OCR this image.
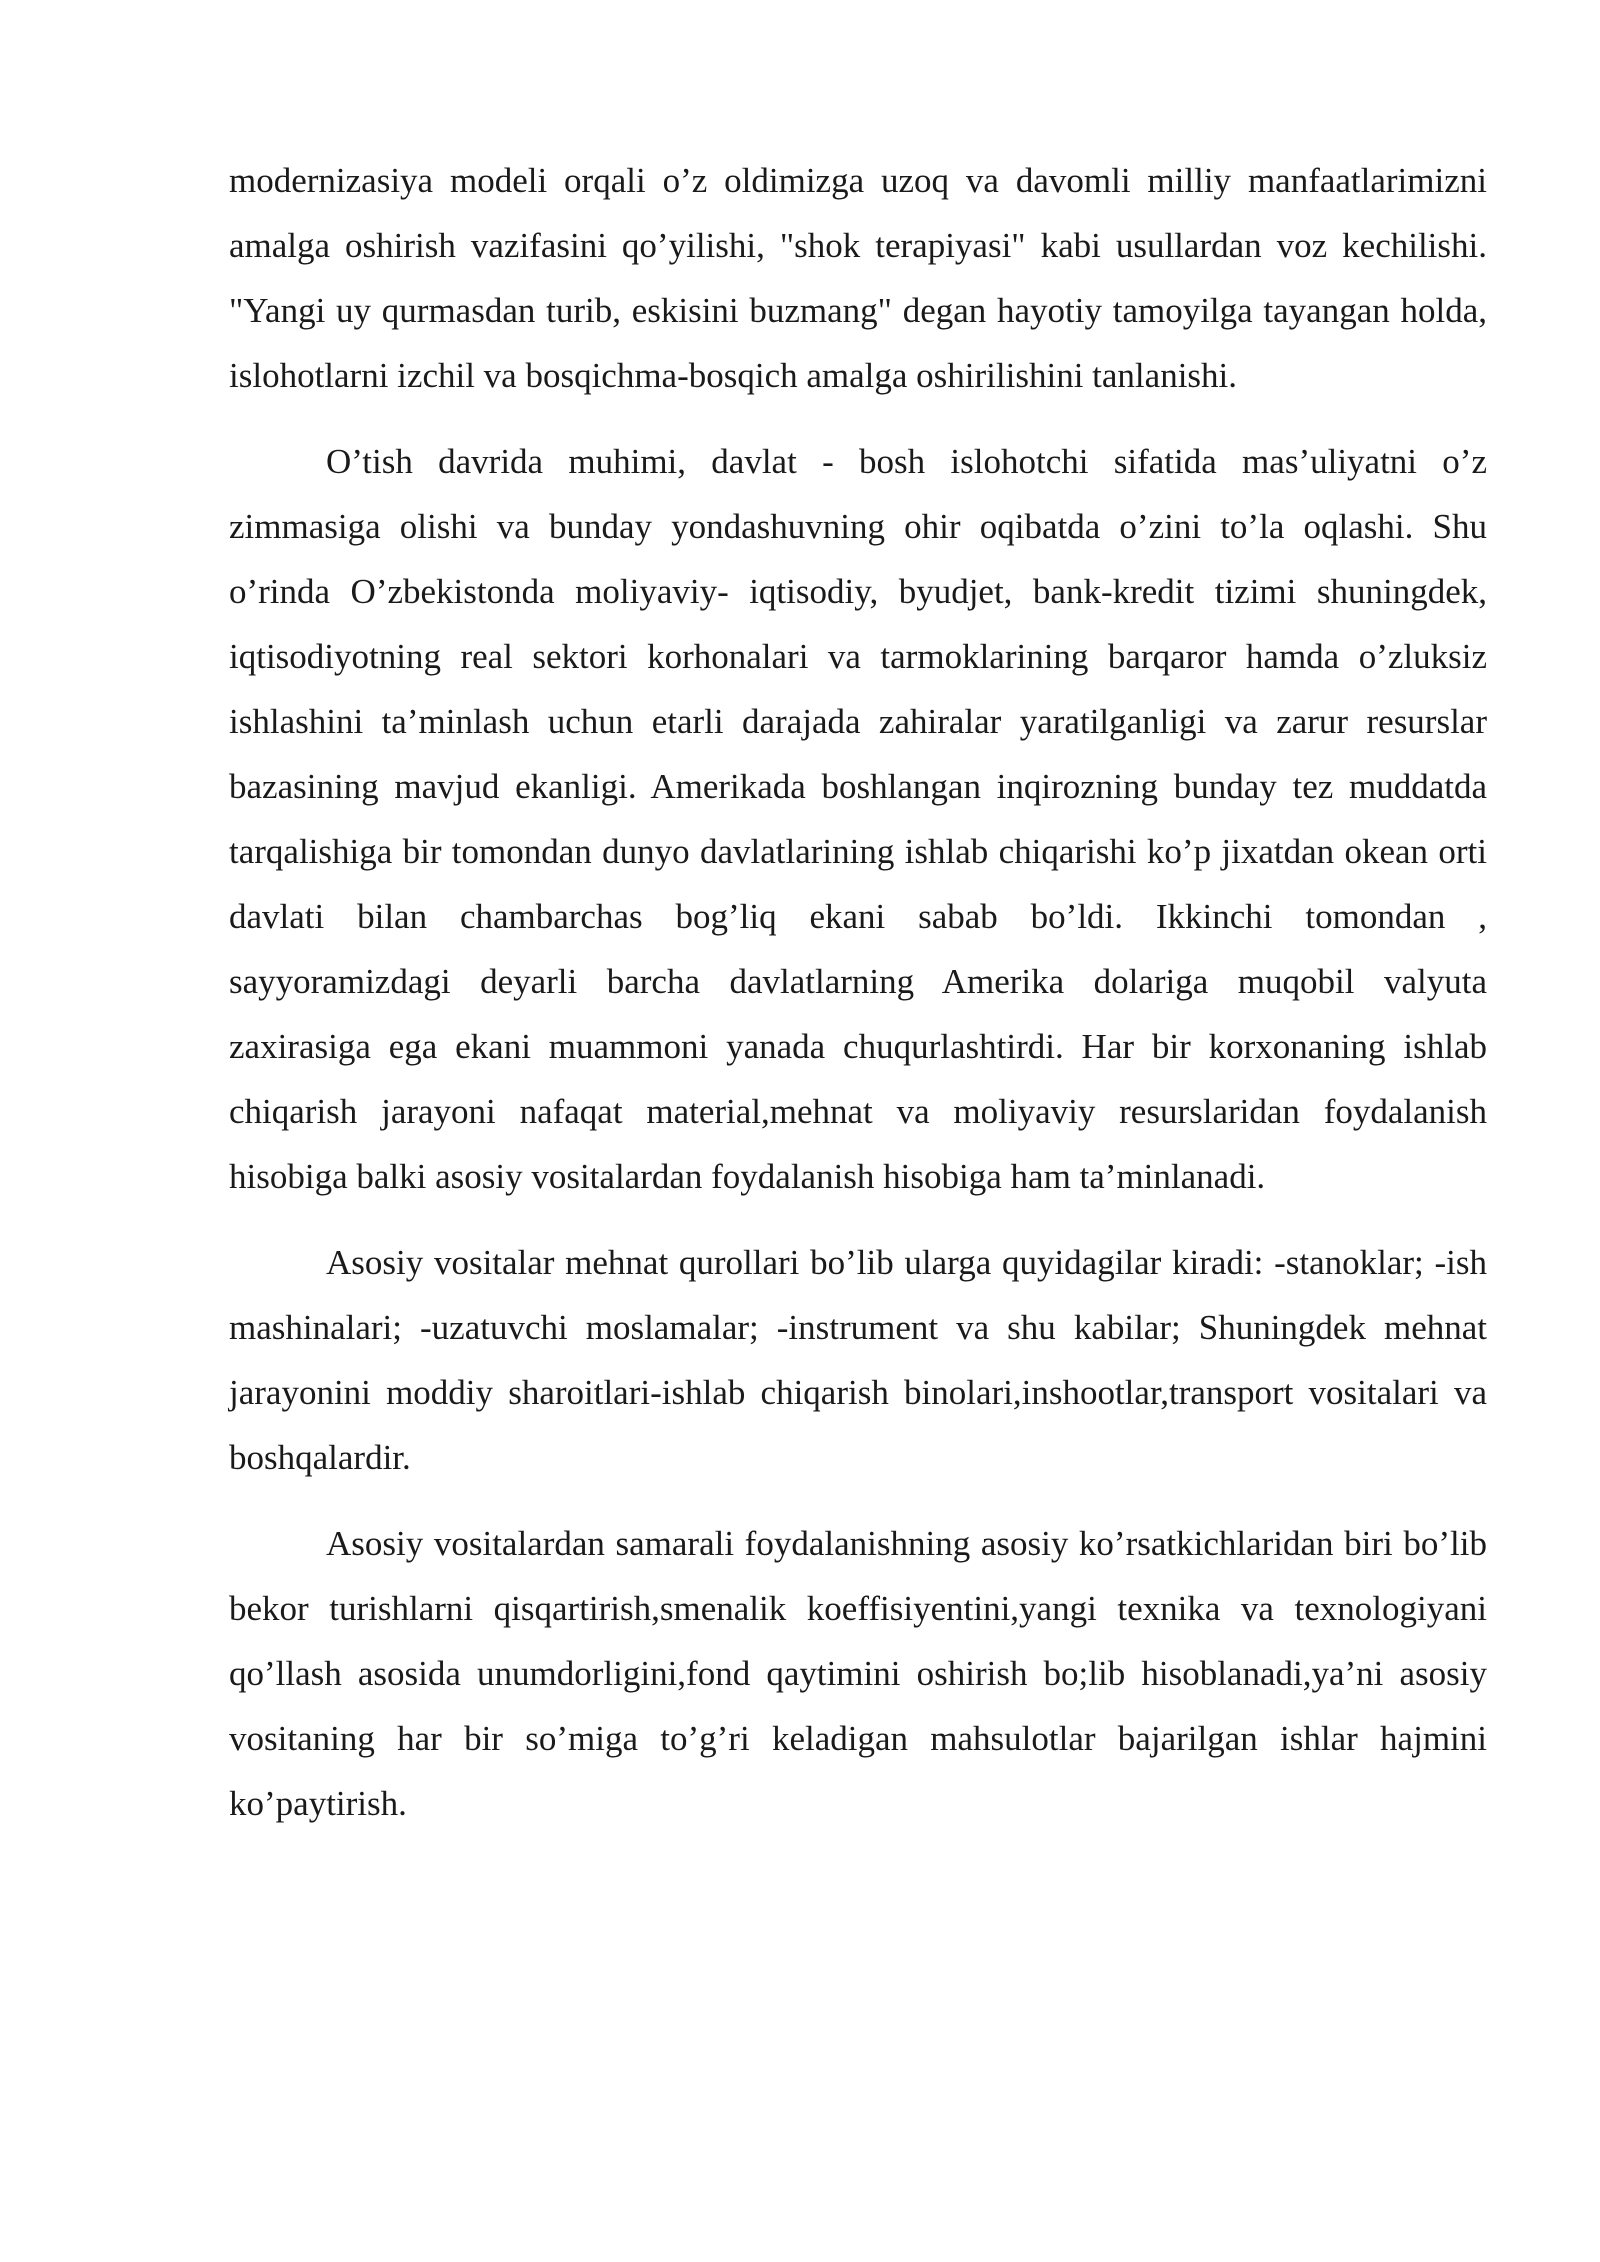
modernizasiya modeli orqali o’z oldimizga uzoq va davomli milliy manfaatlarimizni amalga oshirish vazifasini qo’yilishi, "shok terapiyasi" kabi usullardan voz kechilishi. "Yangi uy qurmasdan turib, eskisini buzmang" degan hayotiy tamoyilga tayangan holda, islohotlarni izchil va bosqichma-bosqich amalga oshirilishini tanlanishi.

O’tish davrida muhimi, davlat - bosh islohotchi sifatida mas’uliyatni o’z zimmasiga olishi va bunday yondashuvning ohir oqibatda o’zini to’la oqlashi. Shu o’rinda O’zbekistonda moliyaviy- iqtisodiy, byudjet, bank-kredit tizimi shuningdek, iqtisodiyotning real sektori korhonalari va tarmoklarining barqaror hamda o’zluksiz ishlashini ta’minlash uchun etarli darajada zahiralar yaratilganligi va zarur resurslar bazasining mavjud ekanligi. Amerikada boshlangan inqirozning bunday tez muddatda tarqalishiga bir tomondan dunyo davlatlarining ishlab chiqarishi ko’p jixatdan okean orti davlati bilan chambarchas bog’liq ekani sabab bo’ldi. Ikkinchi tomondan , sayyoramizdagi deyarli barcha davlatlarning Amerika dolariga muqobil valyuta zaxirasiga ega ekani muammoni yanada chuqurlashtirdi. Har bir korxonaning ishlab chiqarish jarayoni nafaqat material,mehnat va moliyaviy resurslaridan foydalanish hisobiga balki asosiy vositalardan foydalanish hisobiga ham ta’minlanadi.

Asosiy vositalar mehnat qurollari bo’lib ularga quyidagilar kiradi: -stanoklar; -ish mashinalari; -uzatuvchi moslamalar; -instrument va shu kabilar; Shuningdek mehnat jarayonini moddiy sharoitlari-ishlab chiqarish binolari,inshootlar,transport vositalari va boshqalardir.

Asosiy vositalardan samarali foydalanishning asosiy ko’rsatkichlaridan biri bo’lib bekor turishlarni qisqartirish,smenalik koeffisiyentini,yangi texnika va texnologiyani qo’llash asosida unumdorligini,fond qaytimini oshirish bo;lib hisoblanadi,ya’ni asosiy vositaning har bir so’miga to’g’ri keladigan mahsulotlar bajarilgan ishlar hajmini ko’paytirish.
